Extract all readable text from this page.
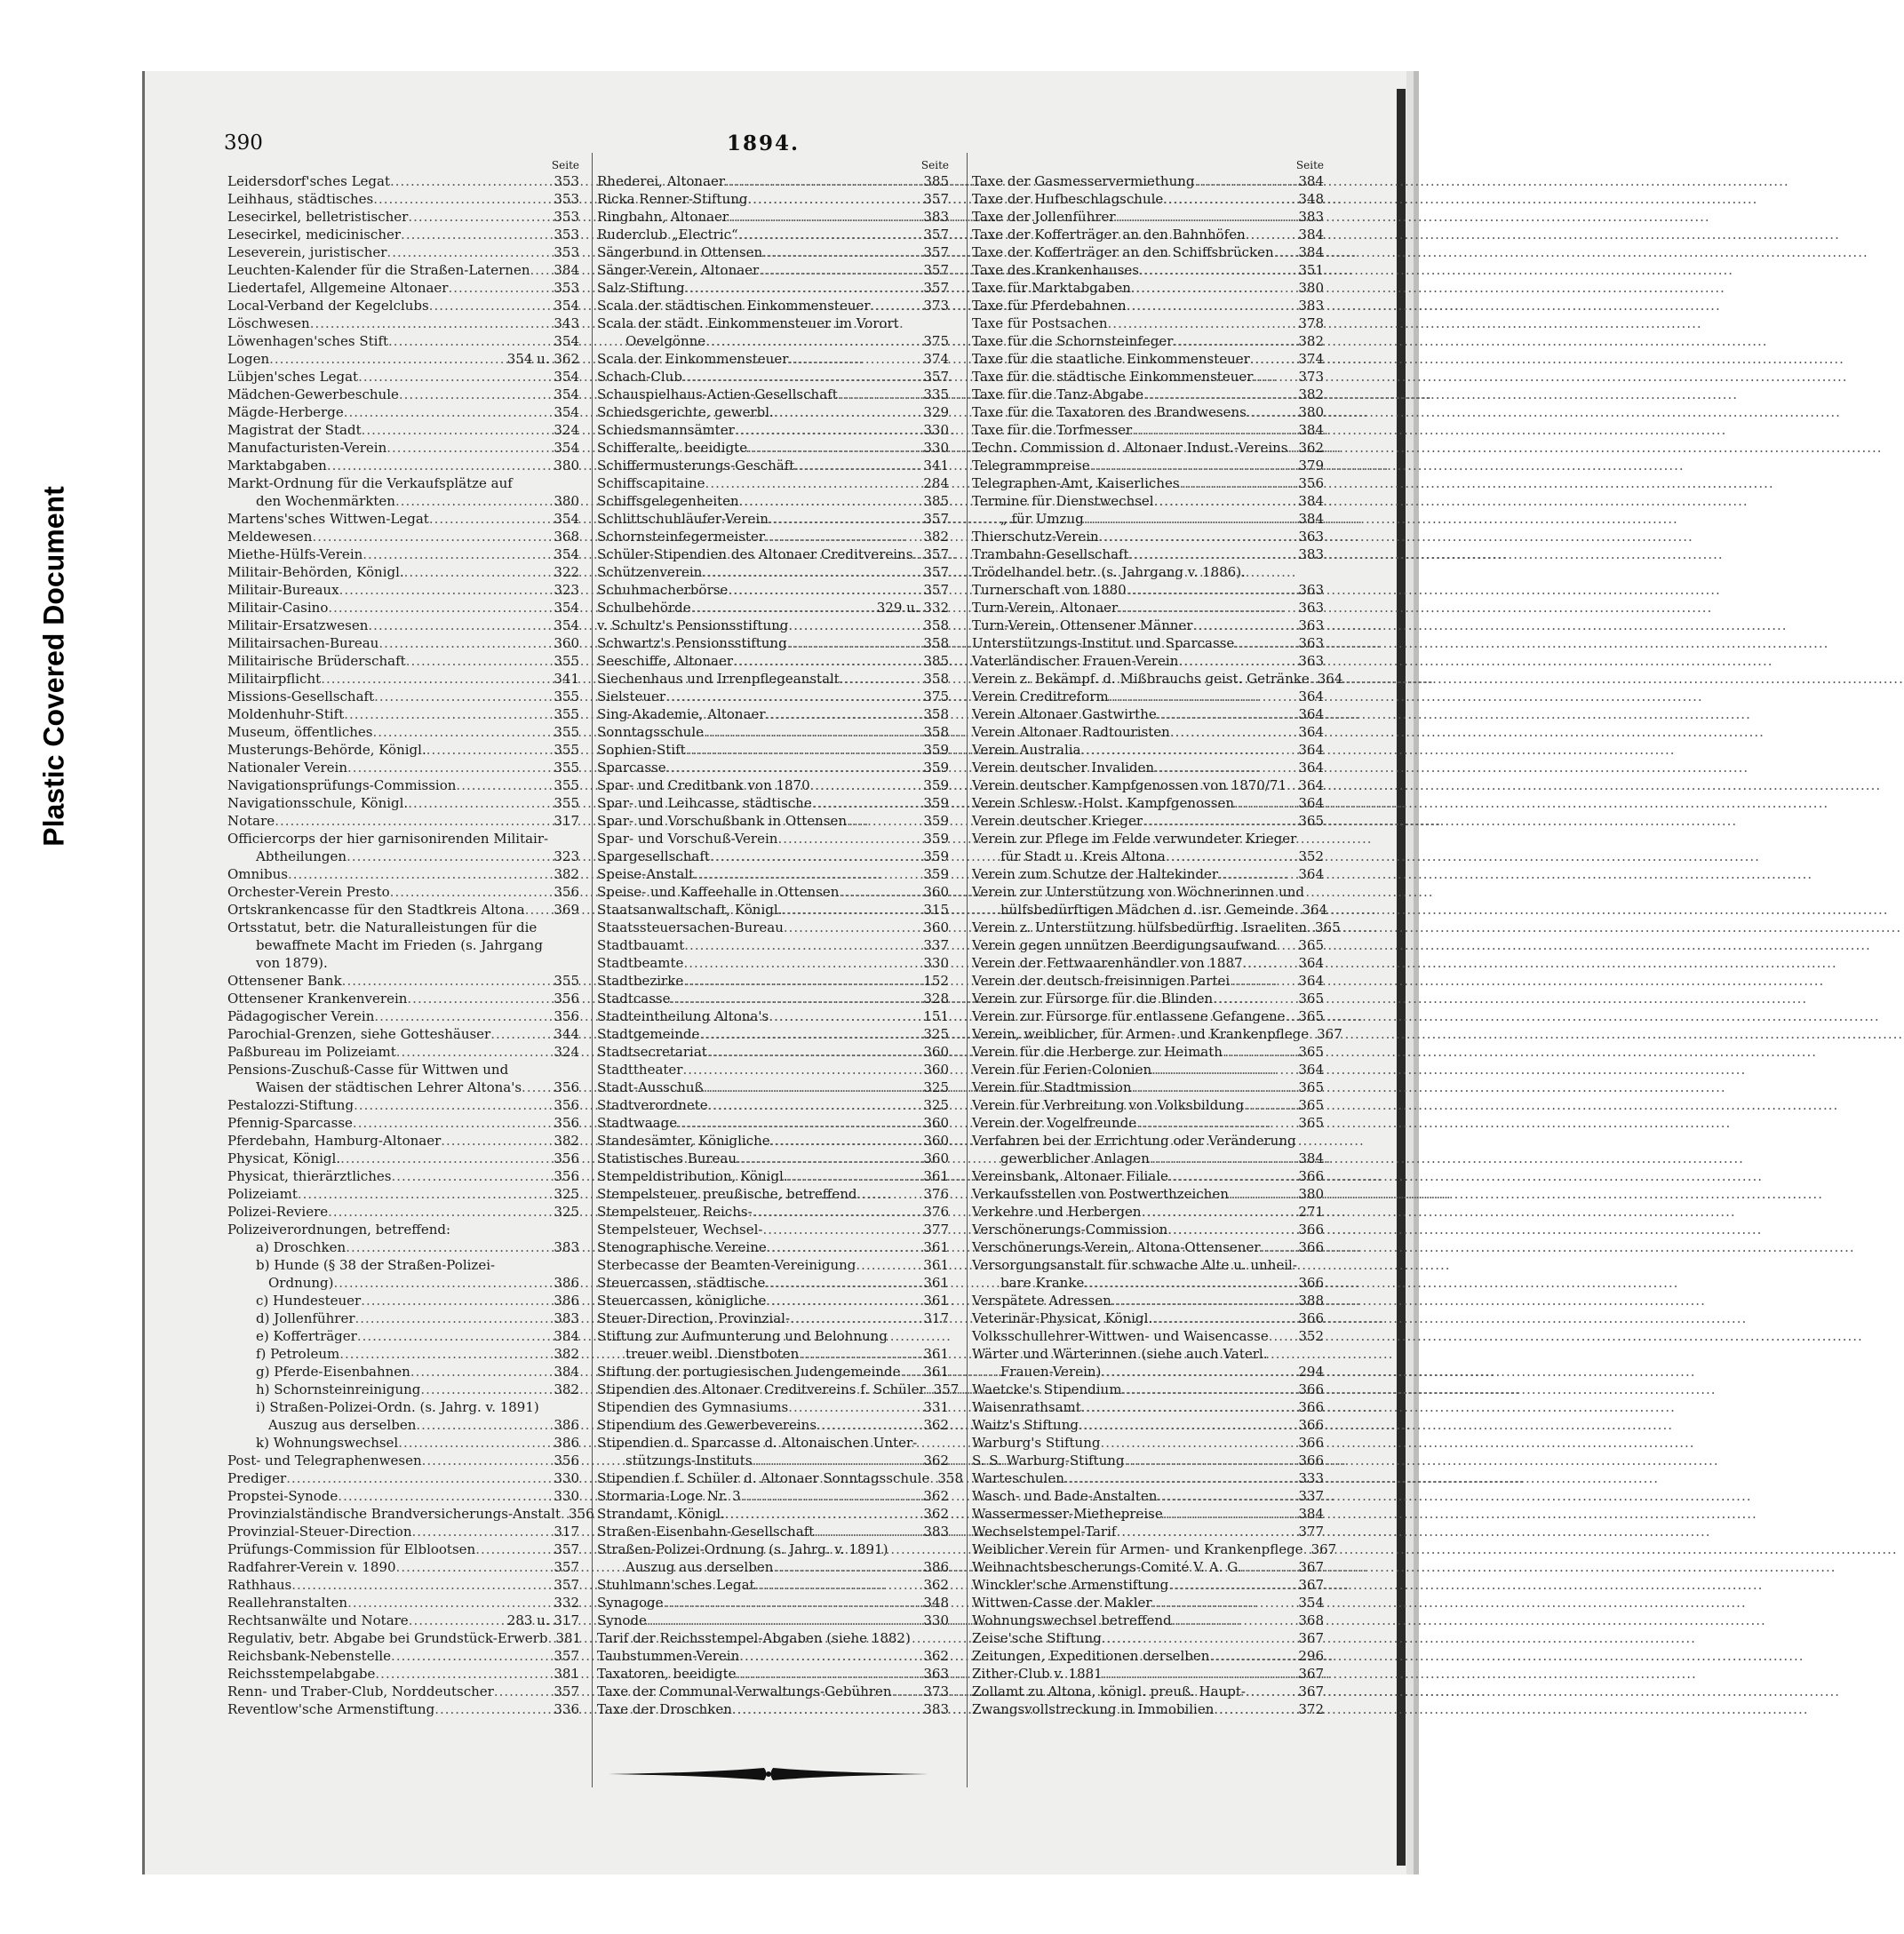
Plastic Covered Document
390	1894.
Seite
Leidersdorf'sches Legat .....	353
Leihhaus, städtisches .....	353
Lesecirkel, belletristischer .....	353
Lesecirkel, medicinischer .....	353
Leseverein, juristischer .....	353
Leuchten-Kalender für die Straßen-Laternen ..... 384
Liedertafel, Allgemeine Altonaer .....	353
Local-Verband der Kegelclubs .....	354
Löschwesen .....	343
Löwenhagen'sches Stift .....	354
Logen .....	354 u. 362
Lübjen'sches Legat .....	354
Mädchen-Gewerbeschule .....	354
Mägde-Herberge .....	354
Magistrat der Stadt .....	324
Manufacturisten-Verein .....	354
Marktabgaben .....	380
Markt-Ordnung für die Verkaufsplätze auf
den Wochenmärkten .....	380
Martens'sches Wittwen-Legat .....	354
Meldewesen .....	368
Miethe-Hülfs-Verein .....	354
Militair-Behörden, Königl. .....	322
Militair-Bureaux .....	323
Militair-Casino .....	354
Militair-Ersatzwesen .....	354
Militairsachen-Bureau .....	360
Militairische Brüderschaft .....	355
Militairpflicht .....	341
Missions-Gesellschaft .....	355
Moldenhuhr-Stift .....	355
Museum, öffentliches .....	355
Musterungs-Behörde, Königl. .....	355
Nationaler Verein .....	355
Navigationsprüfungs-Commission .....	355
Navigationsschule, Königl. .....	355
Notare .....	317
Officiercorps der hier garnisonirenden Militair-
Abtheilungen .....	323
Omnibus .....	382
Orchester-Verein Presto .....	356
Ortskrankencasse für den Stadtkreis Altona ..... 369
Ortsstatut, betr. die Naturalleistungen für die
bewaffnete Macht im Frieden (s. Jahrgang
von 1879).
Ottensener Bank .....	355
Ottensener Krankenverein .....	356
Pädagogischer Verein .....	356
Parochial-Grenzen, siehe Gotteshäuser .....	344
Paßbureau im Polizeiamt .....	324
Pensions-Zuschuß-Casse für Wittwen und
Waisen der städtischen Lehrer Altona's ..... 356
Pestalozzi-Stiftung .....	356
Pfennig-Sparcasse .....	356
Pferdebahn, Hamburg-Altonaer .....	382
Physicat, Königl. .....	356
Physicat, thierärztliches .....	356
Polizeiamt .....	325
Polizei-Reviere .....	325
Polizeiverordnungen, betreffend:
a) Droschken .....	383
b) Hunde (§ 38 der Straßen-Polizei-
Ordnung) .....	386
c) Hundesteuer .....	386
d) Jollenführer .....	383
e) Kofferträger .....	384
f) Petroleum .....	382
g) Pferde-Eisenbahnen .....	384
h) Schornsteinreinigung .....	382
i) Straßen-Polizei-Ordn. (s. Jahrg. v. 1891)
Auszug aus derselben .....	386
k) Wohnungswechsel .....	386
Post- und Telegraphenwesen .....	356
Prediger .....	330
Propstei-Synode .....	330
Provinzialständische Brandversicherungs-Anstalt ..... 356
Provinzial-Steuer-Direction .....	317
Prüfungs-Commission für Elblootsen .....	357
Radfahrer-Verein v. 1890 .....	357
Rathhaus .....	357
Reallehranstalten .....	332
Rechtsanwälte und Notare .....	283 u. 317
Regulativ, betr. Abgabe bei Grundstück-Erwerb ..... 381
Reichsbank-Nebenstelle .....	357
Reichsstempelabgabe .....	381
Renn- und Traber-Club, Norddeutscher .....	357
Reventlow'sche Armenstiftung .....	336
Seite
Rhederei, Altonaer .....	385
Ricka Renner-Stiftung .....	357
Ringbahn, Altonaer .....	383
Ruderclub „Electric“ .....	357
Sängerbund in Ottensen .....	357
Sänger-Verein, Altonaer .....	357
Salz-Stiftung .....	357
Scala der städtischen Einkommensteuer .....	373
Scala der städt. Einkommensteuer im Vorort
Oevelgönne .....	375
Scala der Einkommensteuer .....	374
Schach-Club .....	357
Schauspielhaus-Actien-Gesellschaft .....	335
Schiedsgerichte, gewerbl. .....	329
Schiedsmannsämter .....	330
Schifferalte, beeidigte .....	330
Schiffermusterungs-Geschäft .....	341
Schiffscapitaine .....	284
Schiffsgelegenheiten .....	385
Schlittschuhläufer-Verein .....	357
Schornsteinfegermeister .....	382
Schüler-Stipendien des Altonaer Creditvereins ..... 357
Schützenverein .....	357
Schuhmacherbörse .....	357
Schulbehörde .....	329 u. 332
v. Schultz's Pensionsstiftung .....	358
Schwartz's Pensionsstiftung .....	358
Seeschiffe, Altonaer .....	385
Siechenhaus und Irrenpflegeanstalt .....	358
Sielsteuer .....	375
Sing-Akademie, Altonaer .....	358
Sonntagsschule .....	358
Sophien-Stift .....	359
Sparcasse .....	359
Spar- und Creditbank von 1870 .....	359
Spar- und Leihcasse, städtische .....	359
Spar- und Vorschußbank in Ottensen .....	359
Spar- und Vorschuß-Verein .....	359
Spargesellschaft .....	359
Speise-Anstalt .....	359
Speise- und Kaffeehalle in Ottensen .....	360
Staatsanwaltschaft, Königl. .....	315
Staatssteuersachen-Bureau .....	360
Stadtbauamt .....	337
Stadtbeamte .....	330
Stadtbezirke .....	152
Stadtcasse .....	328
Stadteintheilung Altona's .....	151
Stadtgemeinde .....	325
Stadtsecretariat .....	360
Stadttheater .....	360
Stadt-Ausschuß .....	325
Stadtverordnete .....	325
Stadtwaage .....	360
Standesämter, Königliche .....	360
Statistisches Bureau .....	360
Stempeldistribution, Königl. .....	361
Stempelsteuer, preußische, betreffend .....	376
Stempelsteuer, Reichs- .....	376
Stempelsteuer, Wechsel- .....	377
Stenographische Vereine .....	361
Sterbecasse der Beamten-Vereinigung .....	361
Steuercassen, städtische .....	361
Steuercassen, königliche .....	361
Steuer-Direction, Provinzial- .....	317
Stiftung zur Aufmunterung und Belohnung
treuer weibl. Dienstboten .....	361
Stiftung der portugiesischen Judengemeinde ..... 361
Stipendien des Altonaer Creditvereins f. Schüler ..... 357
Stipendien des Gymnasiums .....	331
Stipendium des Gewerbevereins .....	362
Stipendien d. Sparcasse d. Altonaischen Unter-
stützungs-Instituts .....	362
Stipendien f. Schüler d. Altonaer Sonntagsschule ..... 358
Stormaria-Loge Nr. 3 .....	362
Strandamt, Königl. .....	362
Straßen-Eisenbahn-Gesellschaft .....	383
Straßen-Polizei-Ordnung (s. Jahrg. v. 1891)
Auszug aus derselben .....	386
Stuhlmann'sches Legat .....	362
Synagoge .....	348
Synode .....	330
Tarif der Reichsstempel-Abgaben (siehe 1882)
Taubstummen-Verein .....	362
Taxatoren, beeidigte .....	363
Taxe der Communal-Verwaltungs-Gebühren ..... 373
Taxe der Droschken .....	383
Seite
Taxe der Gasmesservermiethung .....	384
Taxe der Hufbeschlagschule .....	348
Taxe der Jollenführer .....	383
Taxe der Kofferträger an den Bahnhöfen .....	384
Taxe der Kofferträger an den Schiffsbrücken ..... 384
Taxe des Krankenhauses .....	351
Taxe für Marktabgaben .....	380
Taxe für Pferdebahnen .....	383
Taxe für Postsachen .....	378
Taxe für die Schornsteinfeger .....	382
Taxe für die staatliche Einkommensteuer .....	374
Taxe für die städtische Einkommensteuer .....	373
Taxe für die Tanz-Abgabe .....	382
Taxe für die Taxatoren des Brandwesens .....	380
Taxe für die Torfmesser .....	384
Techn. Commission d. Altonaer Indust.-Vereins ..... 362
Telegrammpreise .....	379
Telegraphen-Amt, Kaiserliches .....	356
Termine für Dienstwechsel .....	384
„ für Umzug .....	384
Thierschutz-Verein .....	363
Trambahn-Gesellschaft .....	383
Trödelhandel betr. (s. Jahrgang v. 1886).
Turnerschaft von 1880 .....	363
Turn-Verein, Altonaer .....	363
Turn-Verein, Ottensener Männer .....	363
Unterstützungs-Institut und Sparcasse .....	363
Vaterländischer Frauen-Verein .....	363
Verein z. Bekämpf. d. Mißbrauchs geist. Getränke ..... 364
Verein Creditreform .....	364
Verein Altonaer Gastwirthe .....	364
Verein Altonaer Radtouristen .....	364
Verein Australia .....	364
Verein deutscher Invaliden .....	364
Verein deutscher Kampfgenossen von 1870/71 ..... 364
Verein Schlesw.-Holst. Kampfgenossen .....	364
Verein deutscher Krieger .....	365
Verein zur Pflege im Felde verwundeter Krieger
für Stadt u. Kreis Altona .....	352
Verein zum Schutze der Haltekinder .....	364
Verein zur Unterstützung von Wöchnerinnen und
hülfsbedürftigen Mädchen d. isr. Gemeinde ..... 364
Verein z. Unterstützung hülfsbedürftig. Israeliten ..... 365
Verein gegen unnützen Beerdigungsaufwand ..... 365
Verein der Fettwaarenhändler von 1887 .....	364
Verein der deutsch-freisinnigen Partei .....	364
Verein zur Fürsorge für die Blinden .....	365
Verein zur Fürsorge für entlassene Gefangene ..... 365
Verein, weiblicher, für Armen- und Krankenpflege ..... 367
Verein für die Herberge zur Heimath .....	365
Verein für Ferien-Colonien .....	364
Verein für Stadtmission .....	365
Verein für Verbreitung von Volksbildung .....	365
Verein der Vogelfreunde .....	365
Verfahren bei der Errichtung oder Veränderung
gewerblicher Anlagen .....	384
Vereinsbank, Altonaer Filiale .....	366
Verkaufsstellen von Postwerthzeichen .....	380
Verkehre und Herbergen .....	271
Verschönerungs-Commission .....	366
Verschönerungs-Verein, Altona-Ottensener .....	366
Versorgungsanstalt für schwache Alte u. unheil-
bare Kranke .....	366
Verspätete Adressen .....	388
Veterinär-Physicat, Königl. .....	366
Volksschullehrer-Wittwen- und Waisencasse ..... 352
Wärter und Wärterinnen (siehe auch Vaterl.
Frauen-Verein) .....	294
Waetcke's Stipendium .....	366
Waisenrathsamt .....	366
Waitz's Stiftung .....	366
Warburg's Stiftung .....	366
S. S. Warburg-Stiftung .....	366
Warteschulen .....	333
Wasch- und Bade-Anstalten .....	337
Wassermesser-Miethepreise .....	384
Wechselstempel-Tarif .....	377
Weiblicher Verein für Armen- und Krankenpflege ..... 367
Weihnachtsbescherungs-Comité V. A. G. .....	367
Winckler'sche Armenstiftung .....	367
Wittwen-Casse der Makler .....	354
Wohnungswechsel betreffend .....	368
Zeise'sche Stiftung .....	367
Zeitungen, Expeditionen derselben .....	296
Zither-Club v. 1881 .....	367
Zollamt zu Altona, königl. preuß. Haupt- .....	367
Zwangsvollstreckung in Immobilien .....	372
